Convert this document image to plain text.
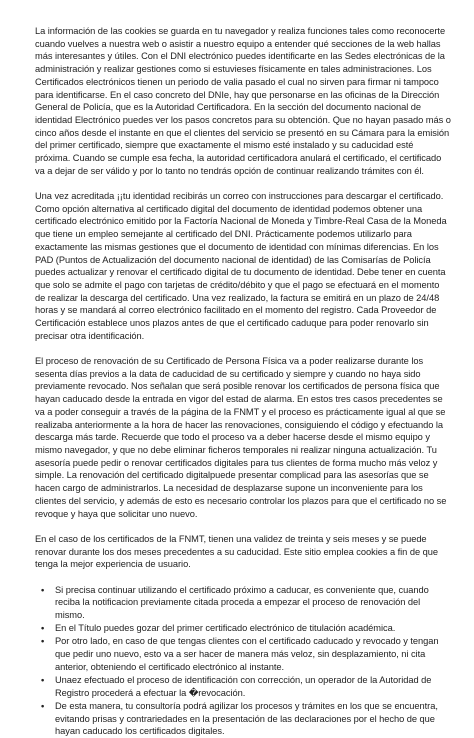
La información de las cookies se guarda en tu navegador y realiza funciones tales como reconocerte cuando vuelves a nuestra web o asistir a nuestro equipo a entender qué secciones de la web hallas más interesantes y útiles. Con el DNI electrónico puedes identificarte en las Sedes electrónicas de la administración y realizar gestiones como si estuvieses físicamente en tales administraciones. Los Certificados electrónicos tienen un periodo de valia pasado el cual no sirven para firmar ni tampoco para identificarse. En el caso concreto del DNIe, hay que personarse en las oficinas de la Dirección General de Policía, que es la Autoridad Certificadora. En la sección del documento nacional de identidad Electrónico puedes ver los pasos concretos para su obtención. Que no hayan pasado más o cinco años desde el instante en que el clientes del servicio se presentó en su Cámara para la emisión del primer certificado, siempre que exactamente el mismo esté instalado y su caducidad esté próxima. Cuando se cumple esa fecha, la autoridad certificadora anulará el certificado, el certificado va a dejar de ser válido y por lo tanto no tendrás opción de continuar realizando trámites con él.

Una vez acreditada ¡¡tu identidad recibirás un correo con instrucciones para descargar el certificado. Como opción alternativa al certificado digital del documento de identidad podemos obtener una certificado electrónico emitido por la Factoría Nacional de Moneda y Timbre-Real Casa de la Moneda que tiene un empleo semejante al certificado del DNI. Prácticamente podemos utilizarlo para exactamente las mismas gestiones que el documento de identidad con mínimas diferencias. En los PAD (Puntos de Actualización del documento nacional de identidad) de las Comisarías de Policía puedes actualizar y renovar el certificado digital de tu documento de identidad. Debe tener en cuenta que solo se admite el pago con tarjetas de crédito/débito y que el pago se efectuará en el momento de realizar la descarga del certificado. Una vez realizado, la factura se emitirá en un plazo de 24/48 horas y se mandará al correo electrónico facilitado en el momento del registro. Cada Proveedor de Certificación establece unos plazos antes de que el certificado caduque para poder renovarlo sin precisar otra identificación.

El proceso de renovación de su Certificado de Persona Física va a poder realizarse durante los sesenta días previos a la data de caducidad de su certificado y siempre y cuando no haya sido previamente revocado. Nos señalan que será posible renovar los certificados de persona física que hayan caducado desde la entrada en vigor del estad de alarma. En estos tres casos precedentes se va a poder conseguir a través de la página de la FNMT y el proceso es prácticamente igual al que se realizaba anteriormente a la hora de hacer las renovaciones, consiguiendo el código y efectuando la descarga más tarde. Recuerde que todo el proceso va a deber hacerse desde el mismo equipo y mismo navegador, y que no debe eliminar ficheros temporales ni realizar ninguna actualización. Tu asesoría puede pedir o renovar certificados digitales para tus clientes de forma mucho más veloz y simple. La renovación del certificado digitalpuede presentar complicad para las asesorías que se hacen cargo de administrarlos. La necesidad de desplazarse supone un inconveniente para los clientes del servicio, y además de esto es necesario controlar los plazos para que el certificado no se revoque y haya que solicitar uno nuevo.

En el caso de los certificados de la FNMT, tienen una validez de treinta y seis meses y se puede renovar durante los dos meses precedentes a su caducidad. Este sitio emplea cookies a fin de que tenga la mejor experiencia de usuario.

• Si precisa continuar utilizando el certificado próximo a caducar, es conveniente que, cuando reciba la notificacion previamente citada proceda a empezar el proceso de renovación del mismo.
• En el Título puedes gozar del primer certificado electrónico de titulación académica.
• Por otro lado, en caso de que tengas clientes con el certificado caducado y revocado y tengan que pedir uno nuevo, esto va a ser hacer de manera más veloz, sin desplazamiento, ni cita anterior, obteniendo el certificado electrónico al instante.
• Unaez efectuado el proceso de identificación con corrección, un operador de la Autoridad de Registro procederá a efectuar la �revocación.
• De esta manera, tu consultoría podrá agilizar los procesos y trámites en los que se encuentra, evitando prisas y contrariedades en la presentación de las declaraciones por el hecho de que hayan caducado los certificados digitales.
